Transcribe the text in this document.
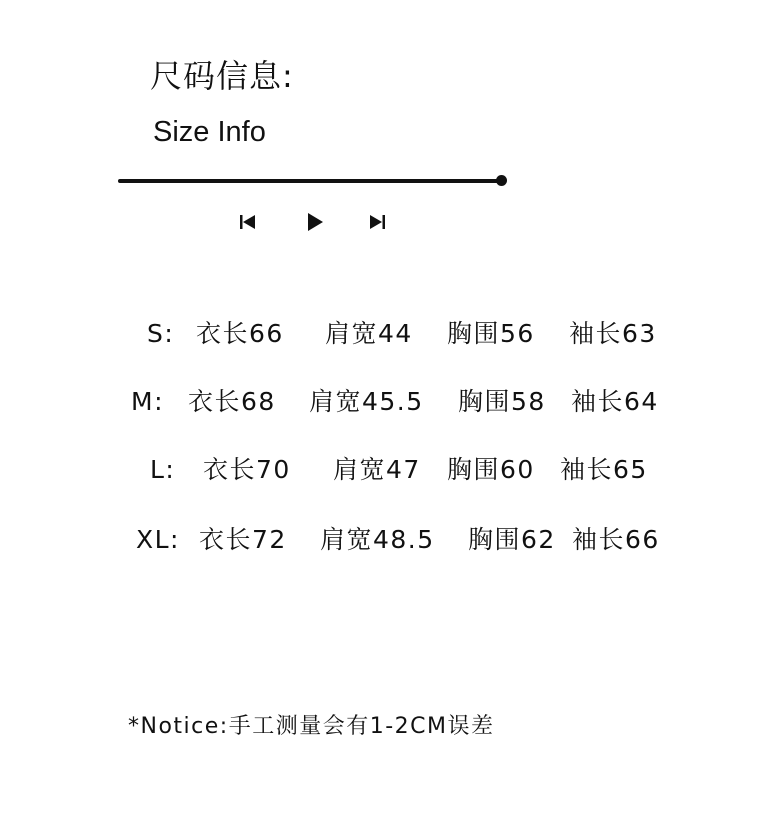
尺码信息:
Size Info
S: 衣长66 肩宽44 胸围56 袖长63
M: 衣长68 肩宽45.5 胸围58 袖长64
L: 衣长70 肩宽47 胸围60 袖长65
XL: 衣长72 肩宽48.5 胸围62 袖长66
*Notice:手工测量会有1-2CM误差
